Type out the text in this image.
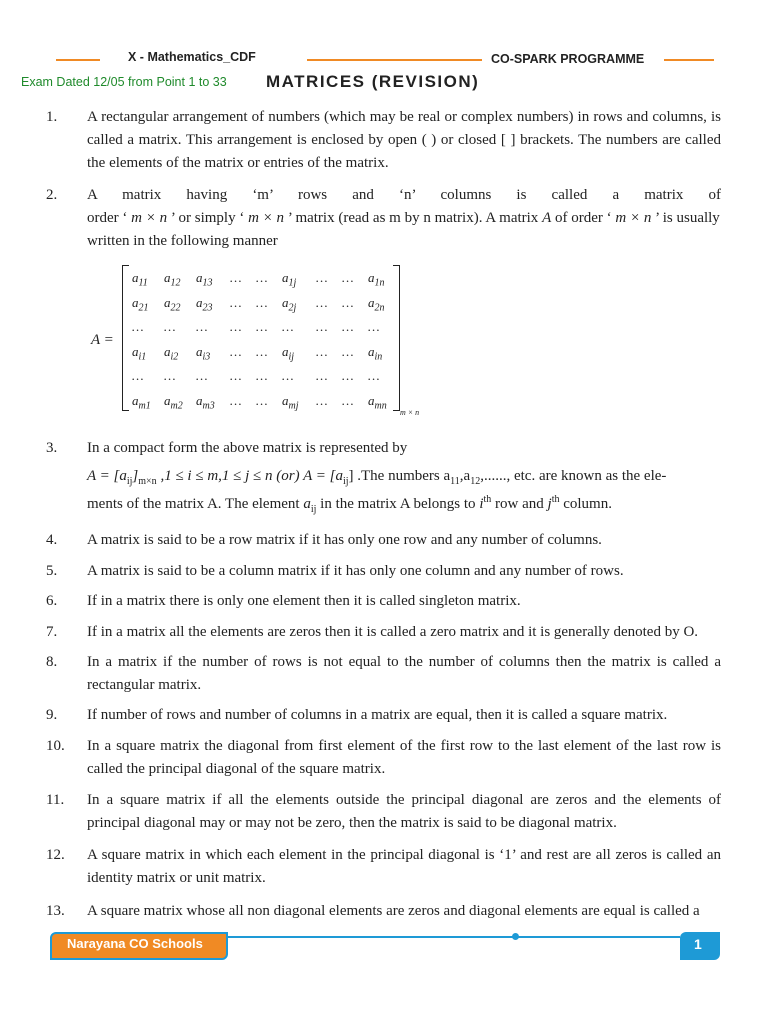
X - Mathematics_CDF	CO-SPARK PROGRAMME
Exam Dated 12/05 from Point 1 to 33 MATRICES (REVISION)
1. A rectangular arrangement of numbers (which may be real or complex numbers) in rows and columns, is called a matrix. This arrangement is enclosed by open ( ) or closed [ ] brackets. The numbers are called the elements of the matrix or entries of the matrix.
2. A matrix having ‘m’ rows and ‘n’ columns is called a matrix of
order ‘ m × n ’ or simply ‘ m × n ’ matrix (read as m by n matrix). A matrix A of order ‘ m × n ’ is usually
written in the following manner
A =
$a_{11}$ $a_{12}$ $a_{13}$ … … $a_{1j}$ … … $a_{1n}$
$a_{21}$ $a_{22}$ $a_{23}$ … … $a_{2j}$ … … $a_{2n}$
… … … … … … … … …
$a_{i1}$ $a_{i2}$ $a_{i3}$ … … $a_{ij}$ … … $a_{in}$
… … … … … … … … …
$a_{m1}$ $a_{m2}$ $a_{m3}$ … … $a_{mj}$ … … $a_{mn}$
m × n
3. In a compact form the above matrix is represented by
$A = [a_{ij}]_{m\times n}$ ,1 ≤ i ≤ m,1 ≤ j ≤ n (or) $A = [a_{ij}]$ .The numbers $a_{11},a_{12}$,......, etc. are known as the ele-
ments of the matrix A. The element $a_{ij}$ in the matrix A belongs to $i^{th}$ row and $j^{th}$ column.
4. A matrix is said to be a row matrix if it has only one row and any number of columns.
5. A matrix is said to be a column matrix if it has only one column and any number of rows.
6. If in a matrix there is only one element then it is called singleton matrix.
7. If in a matrix all the elements are zeros then it is called a zero matrix and it is generally denoted by O.
8. In a matrix if the number of rows is not equal to the number of columns then the matrix is called a rectangular matrix.
9. If number of rows and number of columns in a matrix are equal, then it is called a square matrix.
10. In a square matrix the diagonal from first element of the first row to the last element of the last row is called the principal diagonal of the square matrix.
11. In a square matrix if all the elements outside the principal diagonal are zeros and the elements of principal diagonal may or may not be zero, then the matrix is said to be diagonal matrix.
12. A square matrix in which each element in the principal diagonal is ‘1’ and rest are all zeros is called an identity matrix or unit matrix.
13. A square matrix whose all non diagonal elements are zeros and diagonal elements are equal is called a
Narayana CO Schools	1
